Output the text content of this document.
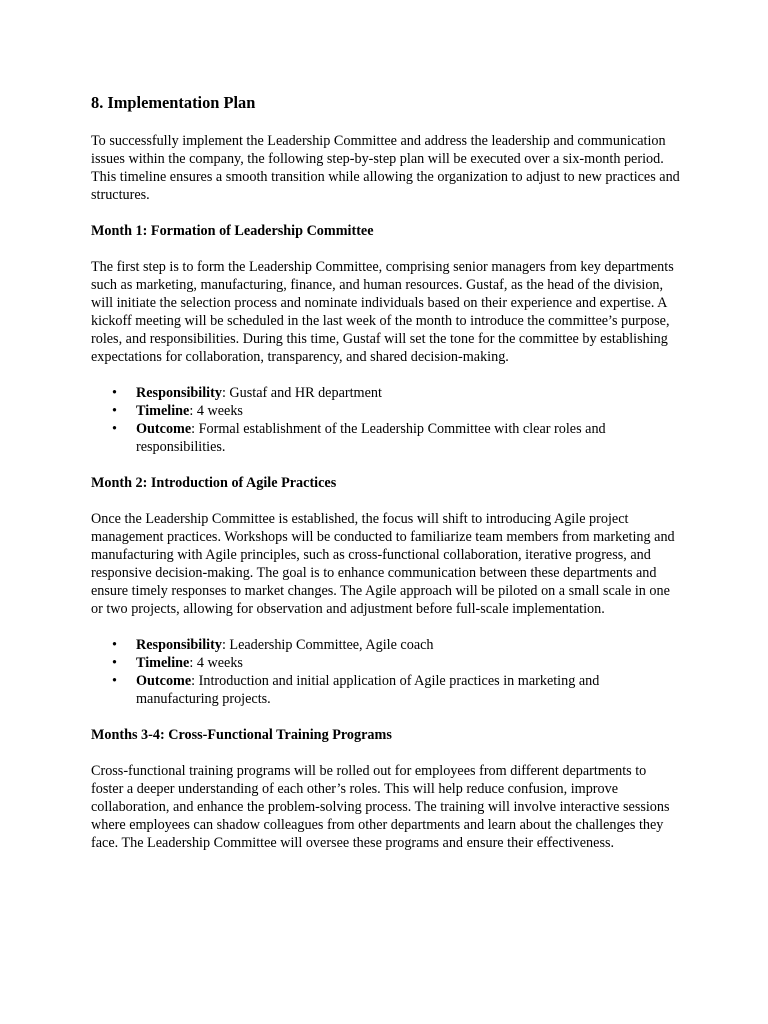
8. Implementation Plan

To successfully implement the Leadership Committee and address the leadership and communication issues within the company, the following step-by-step plan will be executed over a six-month period. This timeline ensures a smooth transition while allowing the organization to adjust to new practices and structures.

Month 1: Formation of Leadership Committee

The first step is to form the Leadership Committee, comprising senior managers from key departments such as marketing, manufacturing, finance, and human resources. Gustaf, as the head of the division, will initiate the selection process and nominate individuals based on their experience and expertise. A kickoff meeting will be scheduled in the last week of the month to introduce the committee’s purpose, roles, and responsibilities. During this time, Gustaf will set the tone for the committee by establishing expectations for collaboration, transparency, and shared decision-making.

• Responsibility: Gustaf and HR department
• Timeline: 4 weeks
• Outcome: Formal establishment of the Leadership Committee with clear roles and responsibilities.
Month 2: Introduction of Agile Practices

Once the Leadership Committee is established, the focus will shift to introducing Agile project management practices. Workshops will be conducted to familiarize team members from marketing and manufacturing with Agile principles, such as cross-functional collaboration, iterative progress, and responsive decision-making. The goal is to enhance communication between these departments and ensure timely responses to market changes. The Agile approach will be piloted on a small scale in one or two projects, allowing for observation and adjustment before full-scale implementation.

• Responsibility: Leadership Committee, Agile coach
• Timeline: 4 weeks
• Outcome: Introduction and initial application of Agile practices in marketing and manufacturing projects.
Months 3-4: Cross-Functional Training Programs

Cross-functional training programs will be rolled out for employees from different departments to foster a deeper understanding of each other’s roles. This will help reduce confusion, improve collaboration, and enhance the problem-solving process. The training will involve interactive sessions where employees can shadow colleagues from other departments and learn about the challenges they face. The Leadership Committee will oversee these programs and ensure their effectiveness.
